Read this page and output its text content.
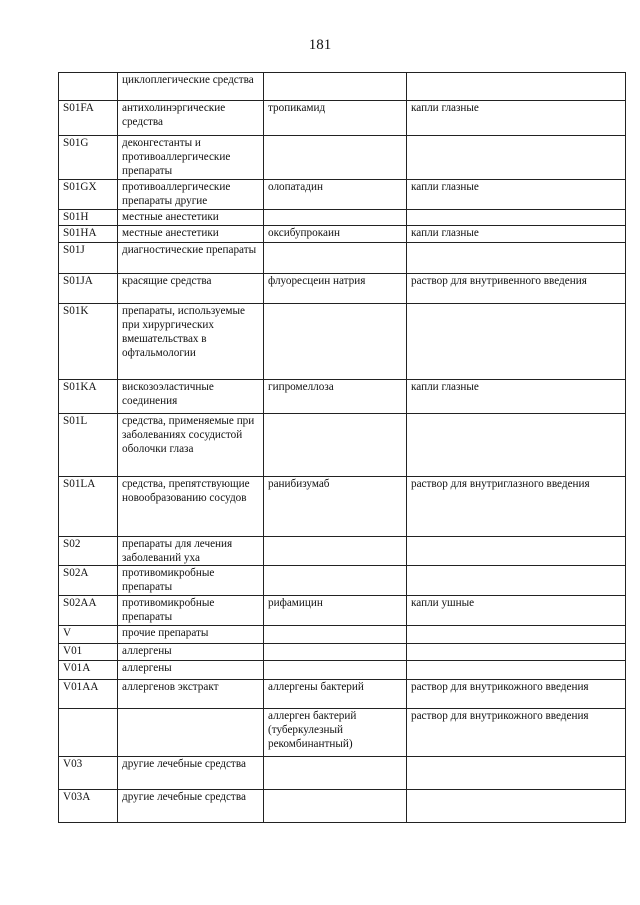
181
	циклоплегические средства		
S01FA	антихолинэргические средства	тропикамид	капли глазные
S01G	деконгестанты и противоаллергические препараты		
S01GX	противоаллергические препараты другие	олопатадин	капли глазные
S01H	местные анестетики		
S01HA	местные анестетики	оксибупрокаин	капли глазные
S01J	диагностические препараты		
S01JA	красящие средства	флуоресцеин натрия	раствор для внутривенного введения
S01K	препараты, используемые при хирургических вмешательствах в офтальмологии		
S01KA	вискозоэластичные соединения	гипромеллоза	капли глазные
S01L	средства, применяемые при заболеваниях сосудистой оболочки глаза		
S01LA	средства, препятствующие новообразованию сосудов	ранибизумаб	раствор для внутриглазного введения
S02	препараты для лечения заболеваний уха		
S02A	противомикробные препараты		
S02AA	противомикробные препараты	рифамицин	капли ушные
V	прочие препараты		
V01	аллергены		
V01A	аллергены		
V01AA	аллергенов экстракт	аллергены бактерий	раствор для внутрикожного введения
		аллерген бактерий (туберкулезный рекомбинантный)	раствор для внутрикожного введения
V03	другие лечебные средства		
V03A	другие лечебные средства		
